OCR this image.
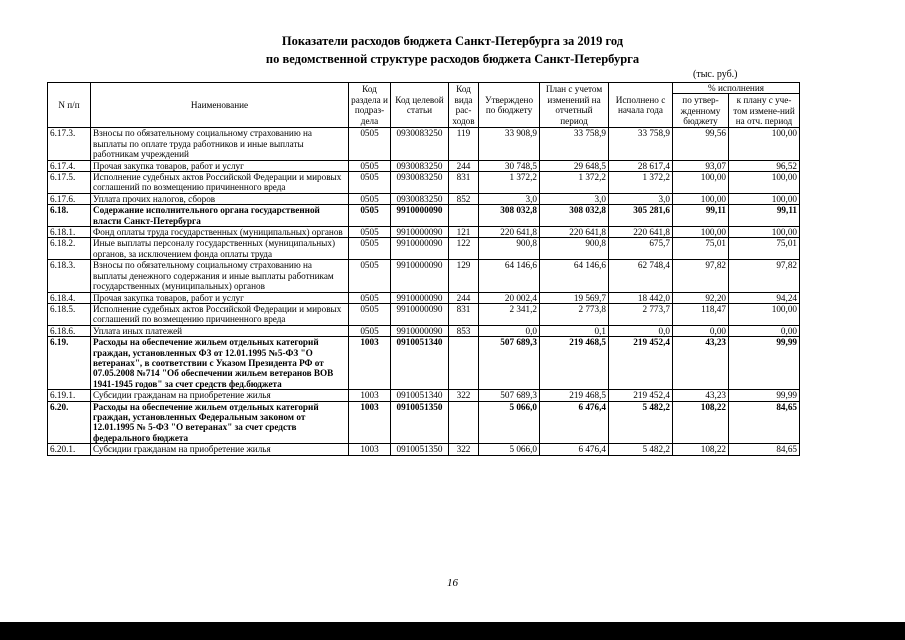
Показатели расходов бюджета Санкт-Петербурга за 2019 год
по ведомственной структуре расходов бюджета Санкт-Петербурга
(тыс. руб.)
N п/п	Наименование	Код раздела и подраз-дела	Код целевой статьи	Код вида рас-ходов	Утверждено по бюджету	План с учетом изменений на отчетный период	Исполнено с начала года	% исполнения	
								по утвер-жденному бюджету	к плану с уче-том измене-ний на отч. период
6.17.3.	Взносы по обязательному социальному страхованию на выплаты по оплате труда работников и иные выплаты работникам учреждений	0505	0930083250	119	33 908,9	33 758,9	33 758,9	99,56	100,00
6.17.4.	Прочая закупка товаров, работ и услуг	0505	0930083250	244	30 748,5	29 648,5	28 617,4	93,07	96,52
6.17.5.	Исполнение судебных актов Российской Федерации и мировых соглашений по возмещению причиненного вреда	0505	0930083250	831	1 372,2	1 372,2	1 372,2	100,00	100,00
6.17.6.	Уплата прочих налогов, сборов	0505	0930083250	852	3,0	3,0	3,0	100,00	100,00
6.18.	Содержание исполнительного органа государственной власти Санкт-Петербурга	0505	9910000090		308 032,8	308 032,8	305 281,6	99,11	99,11
6.18.1.	Фонд оплаты труда государственных (муниципальных) органов	0505	9910000090	121	220 641,8	220 641,8	220 641,8	100,00	100,00
6.18.2.	Иные выплаты персоналу государственных (муниципальных) органов, за исключением фонда оплаты труда	0505	9910000090	122	900,8	900,8	675,7	75,01	75,01
6.18.3.	Взносы по обязательному социальному страхованию на выплаты денежного содержания и иные выплаты работникам государственных (муниципальных) органов	0505	9910000090	129	64 146,6	64 146,6	62 748,4	97,82	97,82
6.18.4.	Прочая закупка товаров, работ и услуг	0505	9910000090	244	20 002,4	19 569,7	18 442,0	92,20	94,24
6.18.5.	Исполнение судебных актов Российской Федерации и мировых соглашений по возмещению причиненного вреда	0505	9910000090	831	2 341,2	2 773,8	2 773,7	118,47	100,00
6.18.6.	Уплата иных платежей	0505	9910000090	853	0,0	0,1	0,0	0,00	0,00
6.19.	Расходы на обеспечение жильем отдельных категорий граждан, установленных ФЗ от 12.01.1995 №5-ФЗ "О ветеранах", в соответствии с Указом Президента РФ от 07.05.2008 №714 "Об обеспечении жильем ветеранов ВОВ 1941-1945 годов" за счет средств фед.бюджета	1003	0910051340		507 689,3	219 468,5	219 452,4	43,23	99,99
6.19.1.	Субсидии гражданам на приобретение жилья	1003	0910051340	322	507 689,3	219 468,5	219 452,4	43,23	99,99
6.20.	Расходы на обеспечение жильем отдельных категорий граждан, установленных Федеральным законом от 12.01.1995 № 5-ФЗ "О ветеранах" за счет средств федерального бюджета	1003	0910051350		5 066,0	6 476,4	5 482,2	108,22	84,65
6.20.1.	Субсидии гражданам на приобретение жилья	1003	0910051350	322	5 066,0	6 476,4	5 482,2	108,22	84,65
16
